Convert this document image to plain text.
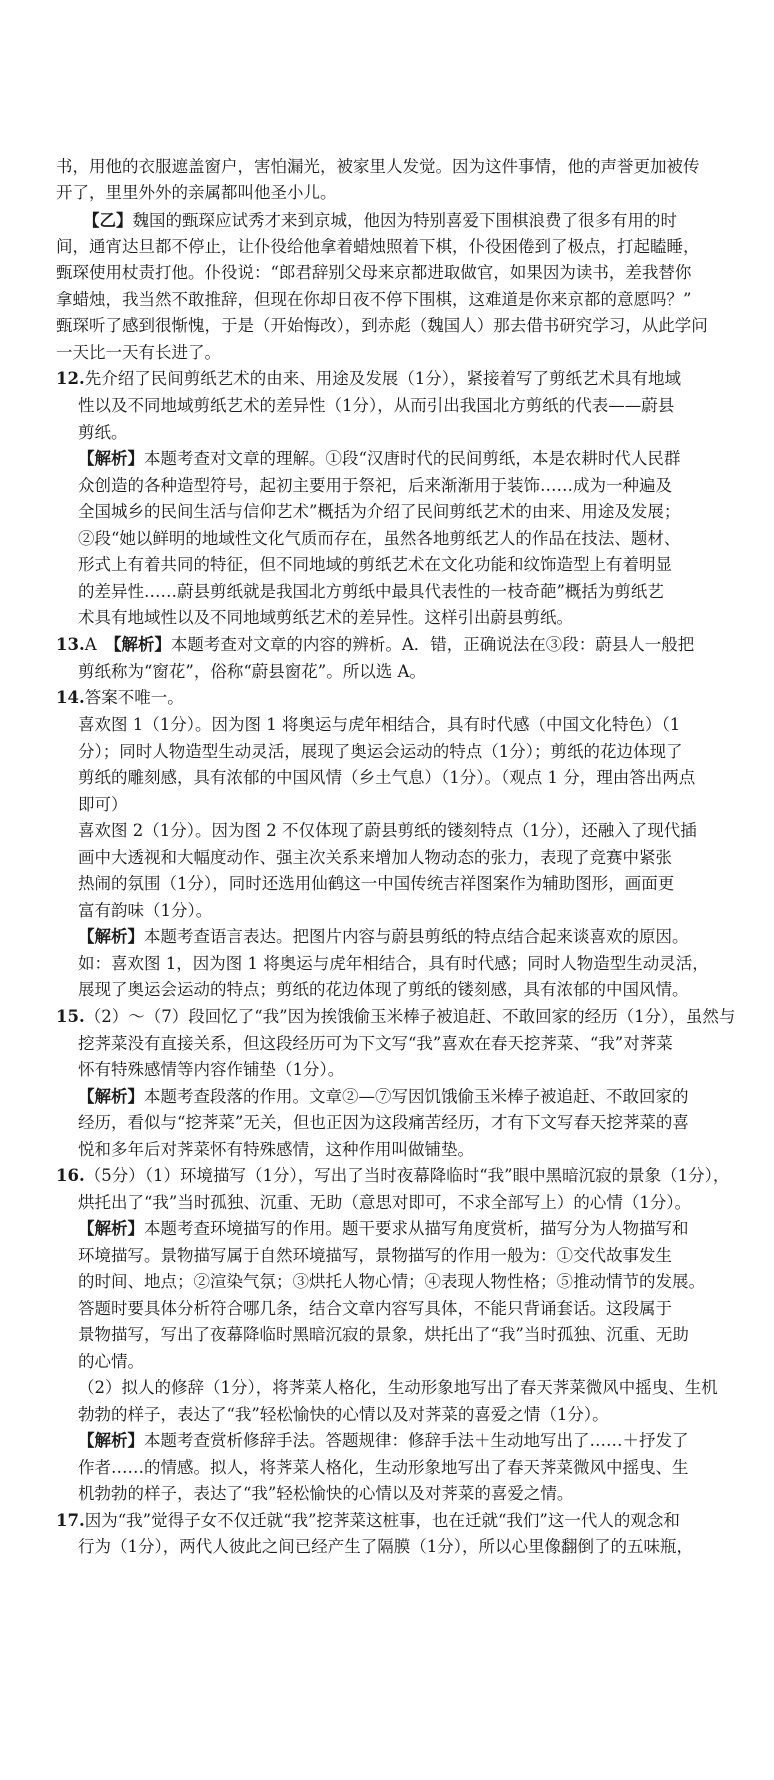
书，用他的衣服遮盖窗户，害怕漏光，被家里人发觉。因为这件事情，他的声誉更加被传

开了，里里外外的亲属都叫他圣小儿。

【乙】魏国的甄琛应试秀才来到京城，他因为特别喜爱下围棋浪费了很多有用的时

间，通宵达旦都不停止，让仆役给他拿着蜡烛照着下棋，仆役困倦到了极点，打起瞌睡，

甄琛使用杖责打他。仆役说：“郎君辞别父母来京都进取做官，如果因为读书，差我替你

拿蜡烛，我当然不敢推辞，但现在你却日夜不停下围棋，这难道是你来京都的意愿吗？”

甄琛听了感到很惭愧，于是（开始悔改），到赤彪（魏国人）那去借书研究学习，从此学问

一天比一天有长进了。

12.先介绍了民间剪纸艺术的由来、用途及发展（1分），紧接着写了剪纸艺术具有地域

性以及不同地域剪纸艺术的差异性（1分），从而引出我国北方剪纸的代表——蔚县

剪纸。

【解析】本题考查对文章的理解。①段“汉唐时代的民间剪纸，本是农耕时代人民群

众创造的各种造型符号，起初主要用于祭祀，后来渐渐用于装饰……成为一种遍及

全国城乡的民间生活与信仰艺术”概括为介绍了民间剪纸艺术的由来、用途及发展；

②段“她以鲜明的地域性文化气质而存在，虽然各地剪纸艺人的作品在技法、题材、

形式上有着共同的特征，但不同地域的剪纸艺术在文化功能和纹饰造型上有着明显

的差异性……蔚县剪纸就是我国北方剪纸中最具代表性的一枝奇葩”概括为剪纸艺

术具有地域性以及不同地域剪纸艺术的差异性。这样引出蔚县剪纸。

13.A　【解析】本题考查对文章的内容的辨析。A．错，正确说法在③段：蔚县人一般把

剪纸称为“窗花”，俗称“蔚县窗花”。所以选 A。

14.答案不唯一。

喜欢图 1（1分）。因为图 1 将奥运与虎年相结合，具有时代感（中国文化特色）（1

分）；同时人物造型生动灵活，展现了奥运会运动的特点（1分）；剪纸的花边体现了

剪纸的雕刻感，具有浓郁的中国风情（乡土气息）（1分）。（观点 1 分，理由答出两点

即可）

喜欢图 2（1分）。因为图 2 不仅体现了蔚县剪纸的镂刻特点（1分），还融入了现代插

画中大透视和大幅度动作、强主次关系来增加人物动态的张力，表现了竞赛中紧张

热闹的氛围（1分），同时还选用仙鹤这一中国传统吉祥图案作为辅助图形，画面更

富有韵味（1分）。

【解析】本题考查语言表达。把图片内容与蔚县剪纸的特点结合起来谈喜欢的原因。

如：喜欢图 1，因为图 1 将奥运与虎年相结合，具有时代感；同时人物造型生动灵活，

展现了奥运会运动的特点；剪纸的花边体现了剪纸的镂刻感，具有浓郁的中国风情。

15.（2）～（7）段回忆了“我”因为挨饿偷玉米棒子被追赶、不敢回家的经历（1分），虽然与

挖荠菜没有直接关系，但这段经历可为下文写“我”喜欢在春天挖荠菜、“我”对荠菜

怀有特殊感情等内容作铺垫（1分）。

【解析】本题考查段落的作用。文章②—⑦写因饥饿偷玉米棒子被追赶、不敢回家的

经历，看似与“挖荠菜”无关，但也正因为这段痛苦经历，才有下文写春天挖荠菜的喜

悦和多年后对荠菜怀有特殊感情，这种作用叫做铺垫。

16.（5分）（1）环境描写（1分），写出了当时夜幕降临时“我”眼中黑暗沉寂的景象（1分），

烘托出了“我”当时孤独、沉重、无助（意思对即可，不求全部写上）的心情（1分）。

【解析】本题考查环境描写的作用。题干要求从描写角度赏析，描写分为人物描写和

环境描写。景物描写属于自然环境描写，景物描写的作用一般为：①交代故事发生

的时间、地点；②渲染气氛；③烘托人物心情；④表现人物性格；⑤推动情节的发展。

答题时要具体分析符合哪几条，结合文章内容写具体，不能只背诵套话。这段属于

景物描写，写出了夜幕降临时黑暗沉寂的景象，烘托出了“我”当时孤独、沉重、无助

的心情。

（2）拟人的修辞（1分），将荠菜人格化，生动形象地写出了春天荠菜微风中摇曳、生机

勃勃的样子，表达了“我”轻松愉快的心情以及对荠菜的喜爱之情（1分）。

【解析】本题考查赏析修辞手法。答题规律：修辞手法＋生动地写出了……＋抒发了

作者……的情感。拟人，将荠菜人格化，生动形象地写出了春天荠菜微风中摇曳、生

机勃勃的样子，表达了“我”轻松愉快的心情以及对荠菜的喜爱之情。

17.因为“我”觉得子女不仅迁就“我”挖荠菜这桩事，也在迁就“我们”这一代人的观念和

行为（1分），两代人彼此之间已经产生了隔膜（1分），所以心里像翻倒了的五味瓶，
